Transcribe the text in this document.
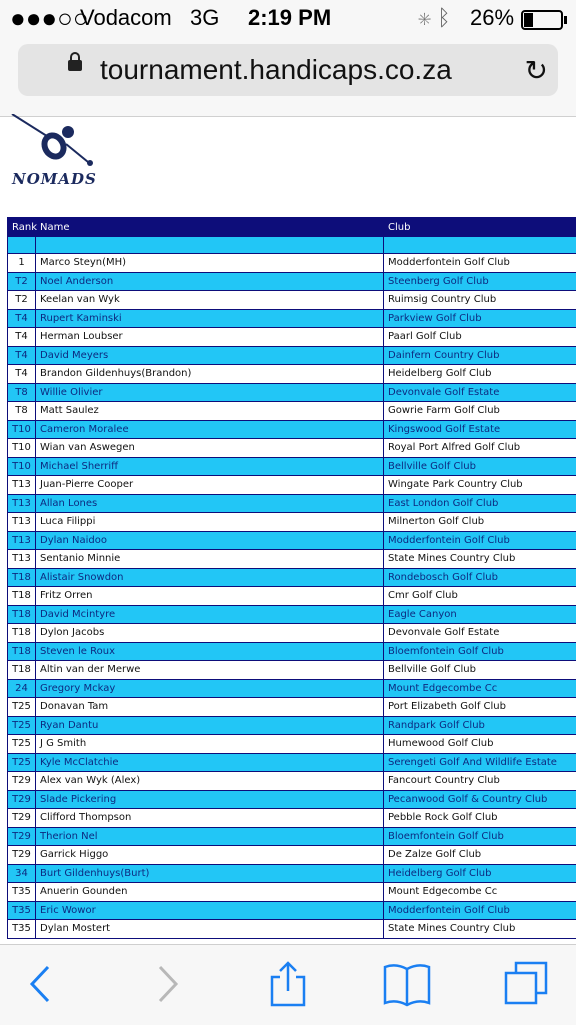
●●●○○
Vodacom 3G 2:19 PM	✳ ᛒ 26%
tournament.handicaps.co.za	↻
NOMADS
Rank	Name	Club

1	Marco Steyn(MH)	Modderfontein Golf Club
T2	Noel Anderson	Steenberg Golf Club
T2	Keelan van Wyk	Ruimsig Country Club
T4	Rupert Kaminski	Parkview Golf Club
T4	Herman Loubser	Paarl Golf Club
T4	David Meyers	Dainfern Country Club
T4	Brandon Gildenhuys(Brandon)	Heidelberg Golf Club
T8	Willie Olivier	Devonvale Golf Estate
T8	Matt Saulez	Gowrie Farm Golf Club
T10	Cameron Moralee	Kingswood Golf Estate
T10	Wian van Aswegen	Royal Port Alfred Golf Club
T10	Michael Sherriff	Bellville Golf Club
T13	Juan-Pierre Cooper	Wingate Park Country Club
T13	Allan Lones	East London Golf Club
T13	Luca Filippi	Milnerton Golf Club
T13	Dylan Naidoo	Modderfontein Golf Club
T13	Sentanio Minnie	State Mines Country Club
T18	Alistair Snowdon	Rondebosch Golf Club
T18	Fritz Orren	Cmr Golf Club
T18	David Mcintyre	Eagle Canyon
T18	Dylon Jacobs	Devonvale Golf Estate
T18	Steven le Roux	Bloemfontein Golf Club
T18	Altin van der Merwe	Bellville Golf Club
24	Gregory Mckay	Mount Edgecombe Cc
T25	Donavan Tam	Port Elizabeth Golf Club
T25	Ryan Dantu	Randpark Golf Club
T25	J G Smith	Humewood Golf Club
T25	Kyle McClatchie	Serengeti Golf And Wildlife Estate
T29	Alex van Wyk (Alex)	Fancourt Country Club
T29	Slade Pickering	Pecanwood Golf & Country Club
T29	Clifford Thompson	Pebble Rock Golf Club
T29	Therion Nel	Bloemfontein Golf Club
T29	Garrick Higgo	De Zalze Golf Club
34	Burt Gildenhuys(Burt)	Heidelberg Golf Club
T35	Anuerin Gounden	Mount Edgecombe Cc
T35	Eric Wowor	Modderfontein Golf Club
T35	Dylan Mostert	State Mines Country Club
